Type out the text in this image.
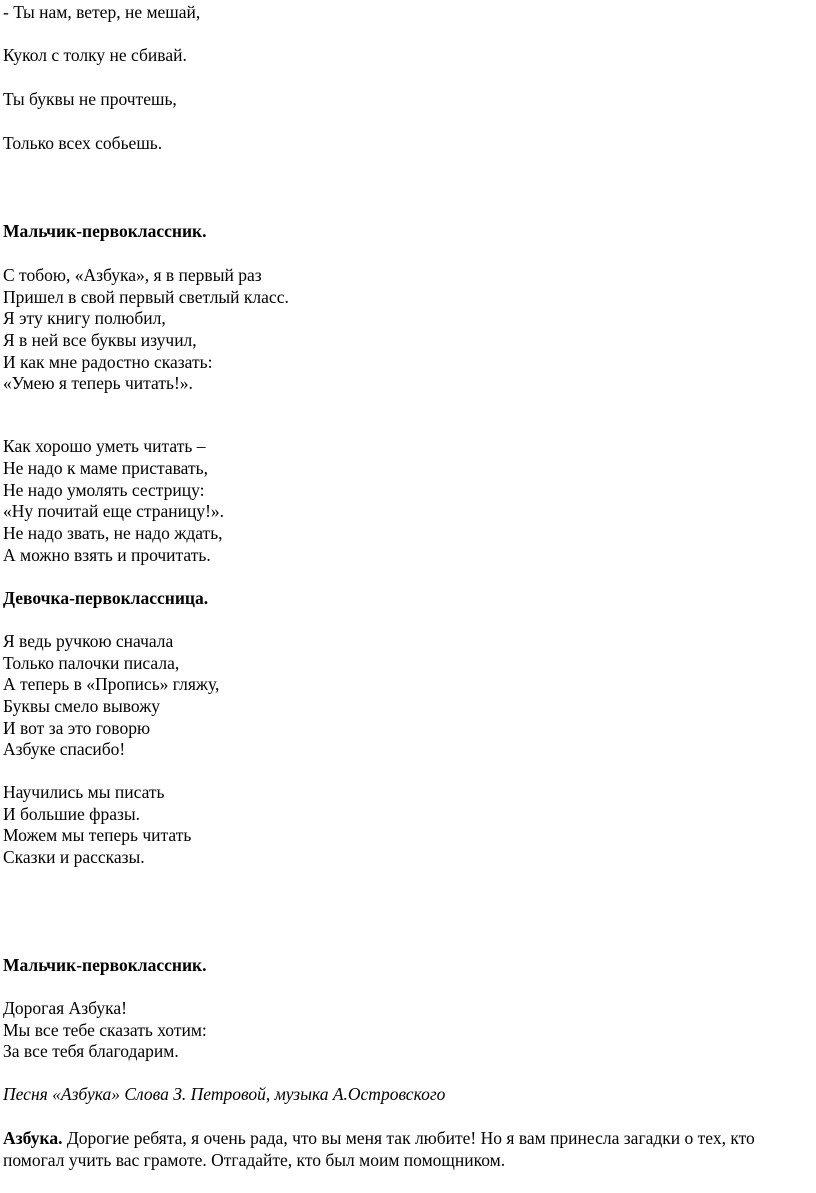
- Ты нам, ветер, не мешай,
Кукол с толку не сбивай.
Ты буквы не прочтешь,
Только всех собьешь.
Мальчик-первоклассник.
С тобою, «Азбука», я в первый раз
Пришел в свой первый светлый класс.
Я эту книгу полюбил,
Я в ней все буквы изучил,
И как мне радостно сказать:
«Умею я теперь читать!».
Как хорошо уметь читать –
Не надо к маме приставать,
Не надо умолять сестрицу:
«Ну почитай еще страницу!».
Не надо звать, не надо ждать,
А можно взять и прочитать.
Девочка-первоклассница.
Я ведь ручкою сначала
Только палочки писала,
А теперь в «Пропись» гляжу,
Буквы смело вывожу
И вот за это говорю
Азбуке спасибо!
Научились мы писать
И большие фразы.
Можем мы теперь читать
Сказки и рассказы.
Мальчик-первоклассник.
Дорогая Азбука!
Мы все тебе сказать хотим:
За все тебя благодарим.
Песня «Азбука» Слова З. Петровой, музыка А.Островского
Азбука. Дорогие ребята, я очень рада, что вы меня так любите! Но я вам принесла загадки о тех, кто помогал учить вас грамоте. Отгадайте, кто был моим помощником.
